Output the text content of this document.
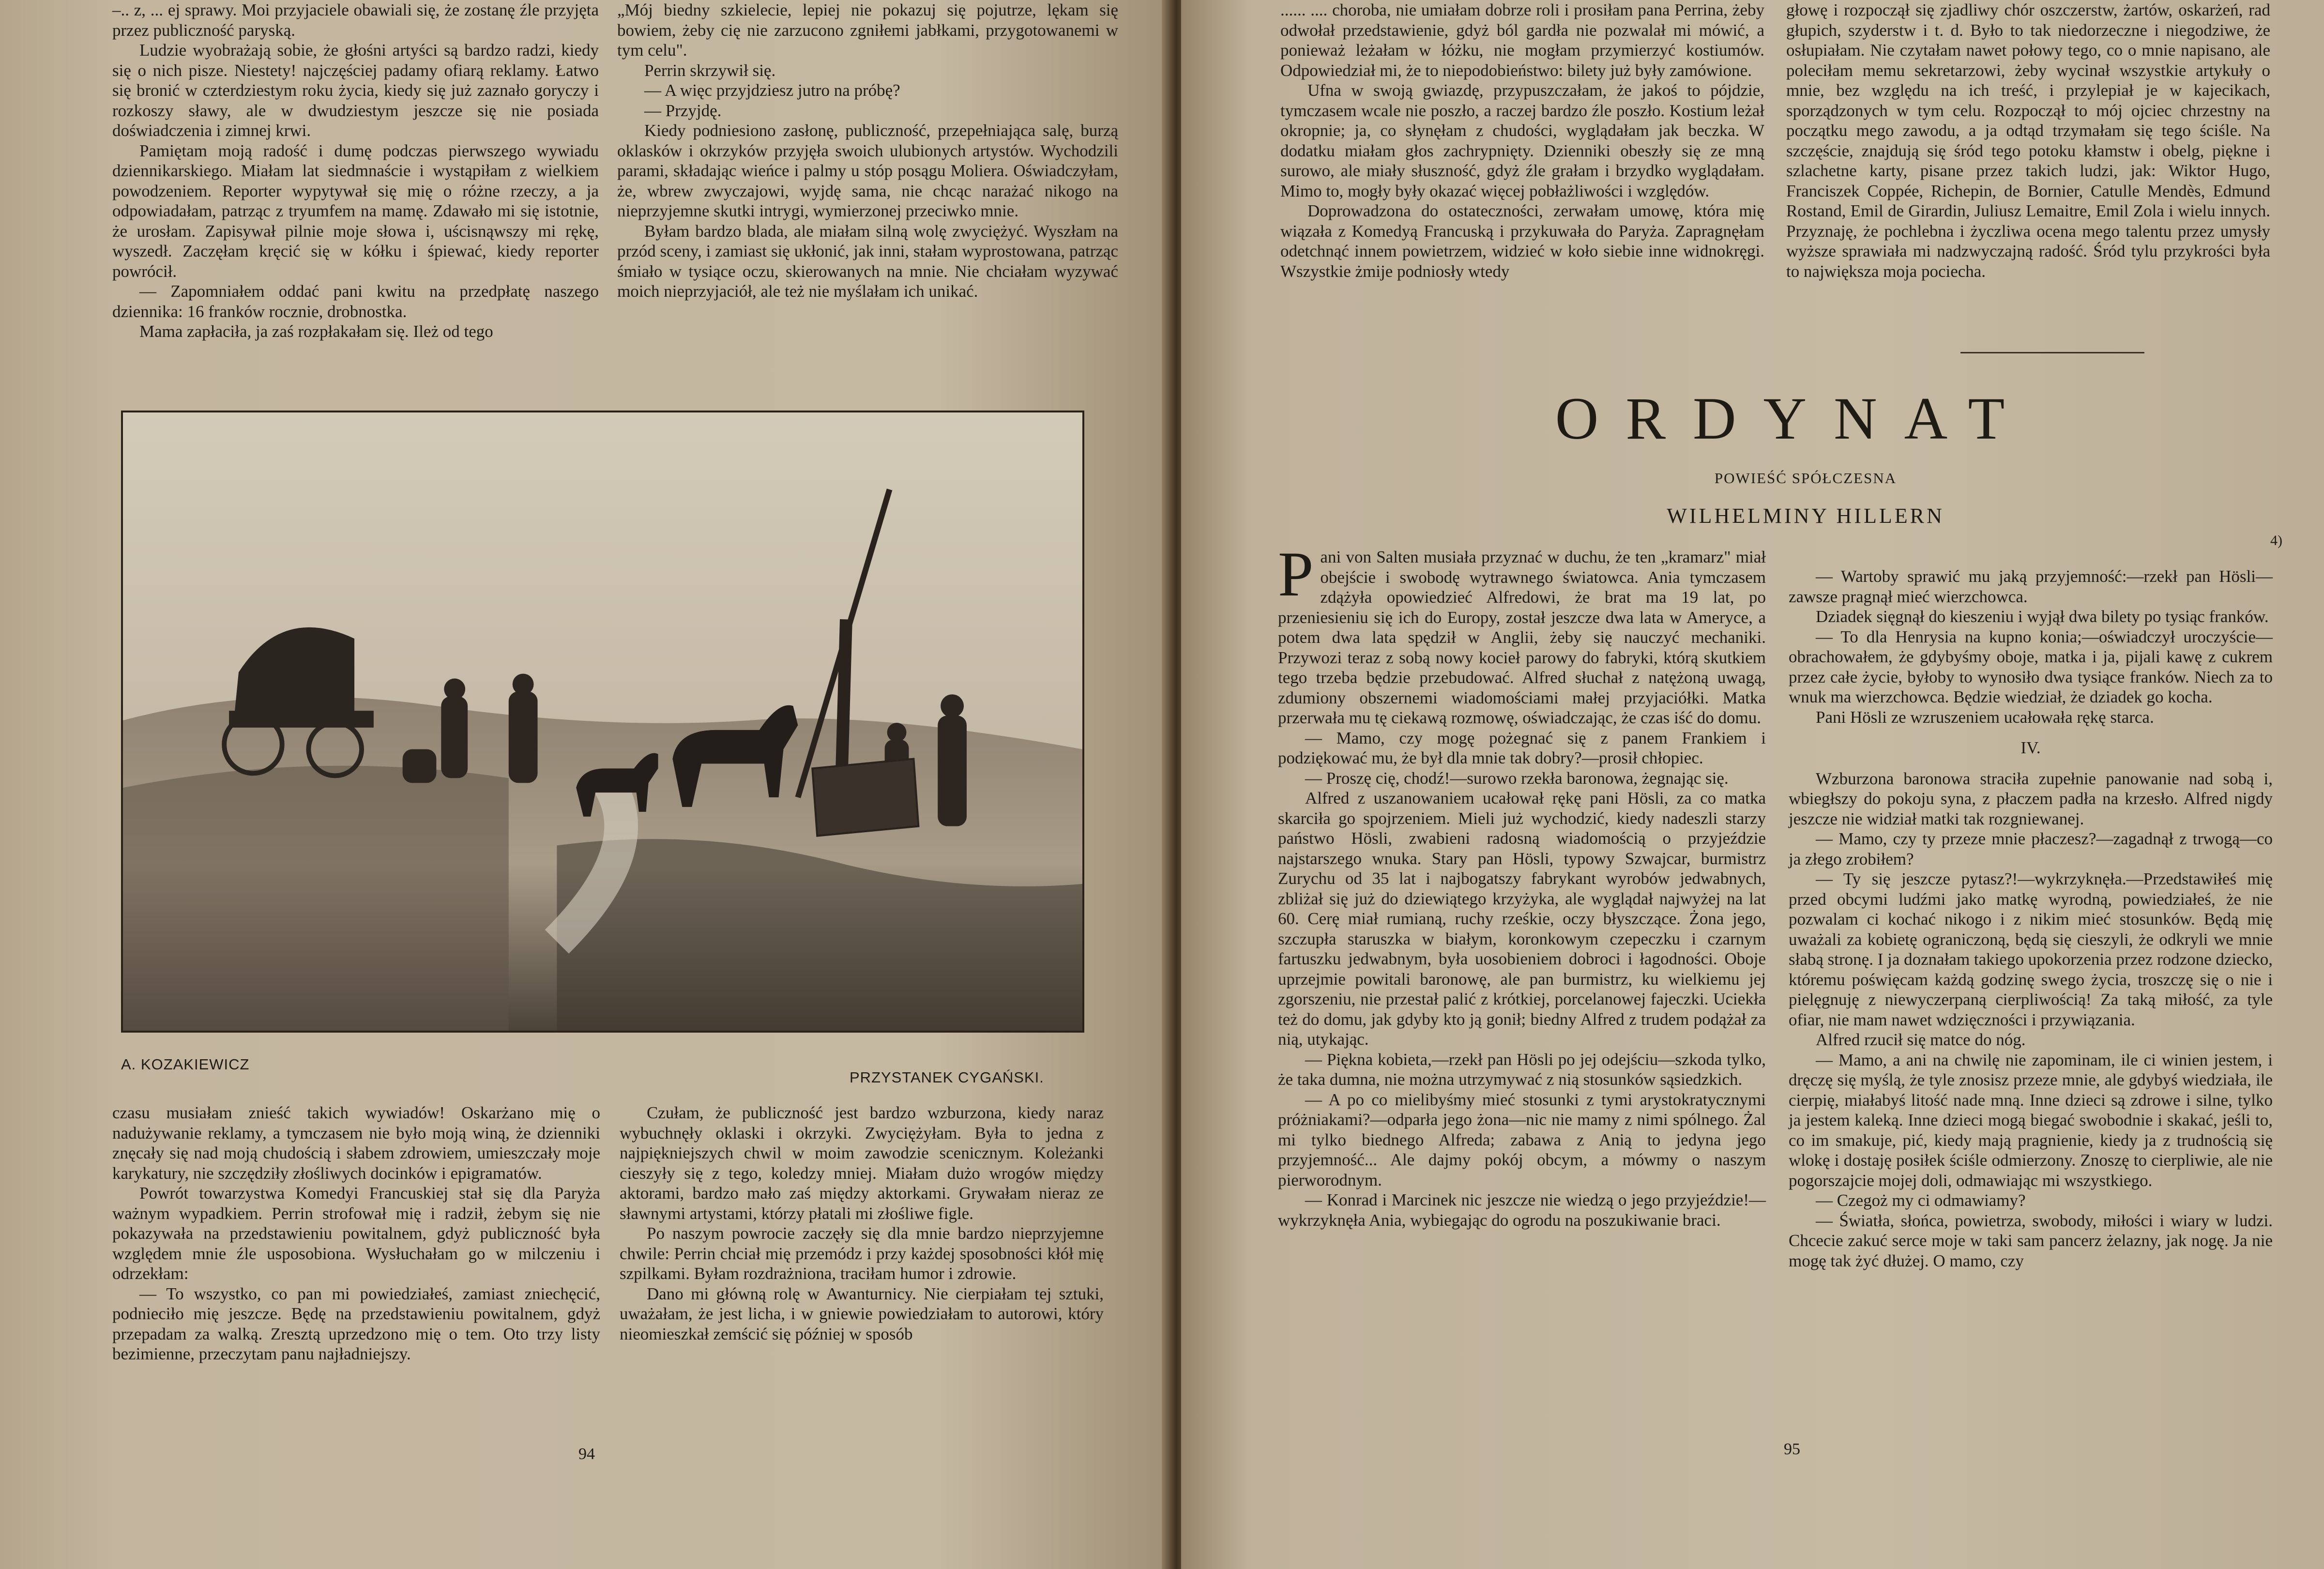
–.. z, ... ej sprawy. Moi przyjaciele obawiali się, że zostanę źle przyjęta przez publiczność paryską.

Ludzie wyobrażają sobie, że głośni artyści są bardzo radzi, kiedy się o nich pisze. Niestety! najczęściej padamy ofiarą reklamy. Łatwo się bronić w czterdziestym roku życia, kiedy się już zaznało goryczy i rozkoszy sławy, ale w dwudziestym jeszcze się nie posiada doświadczenia i zimnej krwi.

Pamiętam moją radość i dumę podczas pierwszego wywiadu dziennikarskiego. Miałam lat siedmnaście i wystąpiłam z wielkiem powodzeniem. Reporter wypytywał się mię o różne rzeczy, a ja odpowiadałam, patrząc z tryumfem na mamę. Zdawało mi się istotnie, że urosłam. Zapisywał pilnie moje słowa i, uścisnąwszy mi rękę, wyszedł. Zaczęłam kręcić się w kółku i śpiewać, kiedy reporter powrócił.

— Zapomniałem oddać pani kwitu na przedpłatę naszego dziennika: 16 franków rocznie, drobnostka.

Mama zapłaciła, ja zaś rozpłakałam się. Ileż od tego

„Mój biedny szkielecie, lepiej nie pokazuj się pojutrze, lękam się bowiem, żeby cię nie zarzucono zgniłemi jabłkami, przygotowanemi w tym celu".

Perrin skrzywił się.

— A więc przyjdziesz jutro na próbę?

— Przyjdę.

Kiedy podniesiono zasłonę, publiczność, przepełniająca salę, burzą oklasków i okrzyków przyjęła swoich ulubionych artystów. Wychodzili parami, składając wieńce i palmy u stóp posągu Moliera. Oświadczyłam, że, wbrew zwyczajowi, wyjdę sama, nie chcąc narażać nikogo na nieprzyjemne skutki intrygi, wymierzonej przeciwko mnie.

Byłam bardzo blada, ale miałam silną wolę zwyciężyć. Wyszłam na przód sceny, i zamiast się ukłonić, jak inni, stałam wyprostowana, patrząc śmiało w tysiące oczu, skierowanych na mnie. Nie chciałam wyzywać moich nieprzyjaciół, ale też nie myślałam ich unikać.

A. KOZAKIEWICZ
PRZYSTANEK CYGAŃSKI.

czasu musiałam znieść takich wywiadów! Oskarżano mię o nadużywanie reklamy, a tymczasem nie było moją winą, że dzienniki znęcały się nad moją chudością i słabem zdrowiem, umieszczały moje karykatury, nie szczędziły złośliwych docinków i epigramatów.

Powrót towarzystwa Komedyi Francuskiej stał się dla Paryża ważnym wypadkiem. Perrin strofował mię i radził, żebym się nie pokazywała na przedstawieniu powitalnem, gdyż publiczność była względem mnie źle usposobiona. Wysłuchałam go w milczeniu i odrzekłam:

— To wszystko, co pan mi powiedziałeś, zamiast zniechęcić, podnieciło mię jeszcze. Będę na przedstawieniu powitalnem, gdyż przepadam za walką. Zresztą uprzedzono mię o tem. Oto trzy listy bezimienne, przeczytam panu najładniejszy.

Czułam, że publiczność jest bardzo wzburzona, kiedy naraz wybuchnęły oklaski i okrzyki. Zwyciężyłam. Była to jedna z najpiękniejszych chwil w moim zawodzie scenicznym. Koleżanki cieszyły się z tego, koledzy mniej. Miałam dużo wrogów między aktorami, bardzo mało zaś między aktorkami. Grywałam nieraz ze sławnymi artystami, którzy płatali mi złośliwe figle.

Po naszym powrocie zaczęły się dla mnie bardzo nieprzyjemne chwile: Perrin chciał mię przemódz i przy każdej sposobności kłół mię szpilkami. Byłam rozdrażniona, traciłam humor i zdrowie.

Dano mi główną rolę w Awanturnicy. Nie cierpiałam tej sztuki, uważałam, że jest licha, i w gniewie powiedziałam to autorowi, który nieomieszkał zemścić się później w sposób

94

...... .... choroba, nie umiałam dobrze roli i prosiłam pana Perrina, żeby odwołał przedstawienie, gdyż ból gardła nie pozwalał mi mówić, a ponieważ leżałam w łóżku, nie mogłam przymierzyć kostiumów. Odpowiedział mi, że to niepodobieństwo: bilety już były zamówione.

Ufna w swoją gwiazdę, przypuszczałam, że jakoś to pójdzie, tymczasem wcale nie poszło, a raczej bardzo źle poszło. Kostium leżał okropnie; ja, co słynęłam z chudości, wyglądałam jak beczka. W dodatku miałam głos zachrypnięty. Dzienniki obeszły się ze mną surowo, ale miały słuszność, gdyż źle grałam i brzydko wyglądałam. Mimo to, mogły były okazać więcej pobłażliwości i względów.

Doprowadzona do ostateczności, zerwałam umowę, która mię wiązała z Komedyą Francuską i przykuwała do Paryża. Zapragnęłam odetchnąć innem powietrzem, widzieć w koło siebie inne widnokręgi. Wszystkie żmije podniosły wtedy

głowę i rozpoczął się zjadliwy chór oszczerstw, żartów, oskarżeń, rad głupich, szyderstw i t. d. Było to tak niedorzeczne i niegodziwe, że osłupiałam. Nie czytałam nawet połowy tego, co o mnie napisano, ale poleciłam memu sekretarzowi, żeby wycinał wszystkie artykuły o mnie, bez względu na ich treść, i przylepiał je w kajecikach, sporządzonych w tym celu. Rozpoczął to mój ojciec chrzestny na początku mego zawodu, a ja odtąd trzymałam się tego ściśle. Na szczęście, znajdują się śród tego potoku kłamstw i obelg, piękne i szlachetne karty, pisane przez takich ludzi, jak: Wiktor Hugo, Franciszek Coppée, Richepin, de Bornier, Catulle Mendès, Edmund Rostand, Emil de Girardin, Juliusz Lemaitre, Emil Zola i wielu innych. Przyznaję, że pochlebna i życzliwa ocena mego talentu przez umysły wyższe sprawiała mi nadzwyczajną radość. Śród tylu przykrości była to największa moja pociecha.

ORDYNAT
POWIEŚĆ SPÓŁCZESNA
WILHELMINY HILLERN
4)

Pani von Salten musiała przyznać w duchu, że ten „kramarz" miał obejście i swobodę wytrawnego światowca. Ania tymczasem zdążyła opowiedzieć Alfredowi, że brat ma 19 lat, po przeniesieniu się ich do Europy, został jeszcze dwa lata w Ameryce, a potem dwa lata spędził w Anglii, żeby się nauczyć mechaniki. Przywozi teraz z sobą nowy kocieł parowy do fabryki, którą skutkiem tego trzeba będzie przebudować. Alfred słuchał z natężoną uwagą, zdumiony obszernemi wiadomościami małej przyjaciółki. Matka przerwała mu tę ciekawą rozmowę, oświadczając, że czas iść do domu.

— Mamo, czy mogę pożegnać się z panem Frankiem i podziękować mu, że był dla mnie tak dobry?—prosił chłopiec.

— Proszę cię, chodź!—surowo rzekła baronowa, żegnając się.

Alfred z uszanowaniem ucałował rękę pani Hösli, za co matka skarciła go spojrzeniem. Mieli już wychodzić, kiedy nadeszli starzy państwo Hösli, zwabieni radosną wiadomością o przyjeździe najstarszego wnuka. Stary pan Hösli, typowy Szwajcar, burmistrz Zurychu od 35 lat i najbogatszy fabrykant wyrobów jedwabnych, zbliżał się już do dziewiątego krzyżyka, ale wyglądał najwyżej na lat 60. Cerę miał rumianą, ruchy rześkie, oczy błyszczące. Żona jego, szczupła staruszka w białym, koronkowym czepeczku i czarnym fartuszku jedwabnym, była uosobieniem dobroci i łagodności. Oboje uprzejmie powitali baronowę, ale pan burmistrz, ku wielkiemu jej zgorszeniu, nie przestał palić z krótkiej, porcelanowej fajeczki. Uciekła też do domu, jak gdyby kto ją gonił; biedny Alfred z trudem podążał za nią, utykając.

— Piękna kobieta,—rzekł pan Hösli po jej odejściu—szkoda tylko, że taka dumna, nie można utrzymywać z nią stosunków sąsiedzkich.

— A po co mielibyśmy mieć stosunki z tymi arystokratycznymi próżniakami?—odparła jego żona—nic nie mamy z nimi spólnego. Żal mi tylko biednego Alfreda; zabawa z Anią to jedyna jego przyjemność... Ale dajmy pokój obcym, a mówmy o naszym pierworodnym.

— Konrad i Marcinek nic jeszcze nie wiedzą o jego przyjeździe!—wykrzyknęła Ania, wybiegając do ogrodu na poszukiwanie braci.

— Wartoby sprawić mu jaką przyjemność:—rzekł pan Hösli—zawsze pragnął mieć wierzchowca.

Dziadek sięgnął do kieszeniu i wyjął dwa bilety po tysiąc franków.

— To dla Henrysia na kupno konia;—oświadczył uroczyście—obrachowałem, że gdybyśmy oboje, matka i ja, pijali kawę z cukrem przez całe życie, byłoby to wynosiło dwa tysiące franków. Niech za to wnuk ma wierzchowca. Będzie wiedział, że dziadek go kocha.

Pani Hösli ze wzruszeniem ucałowała rękę starca.

IV.

Wzburzona baronowa straciła zupełnie panowanie nad sobą i, wbiegłszy do pokoju syna, z płaczem padła na krzesło. Alfred nigdy jeszcze nie widział matki tak rozgniewanej.

— Mamo, czy ty przeze mnie płaczesz?—zagadnął z trwogą—co ja złego zrobiłem?

— Ty się jeszcze pytasz?!—wykrzyknęła.—Przedstawiłeś mię przed obcymi ludźmi jako matkę wyrodną, powiedziałeś, że nie pozwalam ci kochać nikogo i z nikim mieć stosunków. Będą mię uważali za kobietę ograniczoną, będą się cieszyli, że odkryli we mnie słabą stronę. I ja doznałam takiego upokorzenia przez rodzone dziecko, któremu poświęcam każdą godzinę swego życia, troszczę się o nie i pielęgnuję z niewyczerpaną cierpliwością! Za taką miłość, za tyle ofiar, nie mam nawet wdzięczności i przywiązania.

Alfred rzucił się matce do nóg.

— Mamo, a ani na chwilę nie zapominam, ile ci winien jestem, i dręczę się myślą, że tyle znosisz przeze mnie, ale gdybyś wiedziała, ile cierpię, miałabyś litość nade mną. Inne dzieci są zdrowe i silne, tylko ja jestem kaleką. Inne dzieci mogą biegać swobodnie i skakać, jeśli to, co im smakuje, pić, kiedy mają pragnienie, kiedy ja z trudnością się wlokę i dostaję posiłek ściśle odmierzony. Znoszę to cierpliwie, ale nie pogorszajcie mojej doli, odmawiając mi wszystkiego.

— Czegoż my ci odmawiamy?

— Światła, słońca, powietrza, swobody, miłości i wiary w ludzi. Chcecie zakuć serce moje w taki sam pancerz żelazny, jak nogę. Ja nie mogę tak żyć dłużej. O mamo, czy

95
